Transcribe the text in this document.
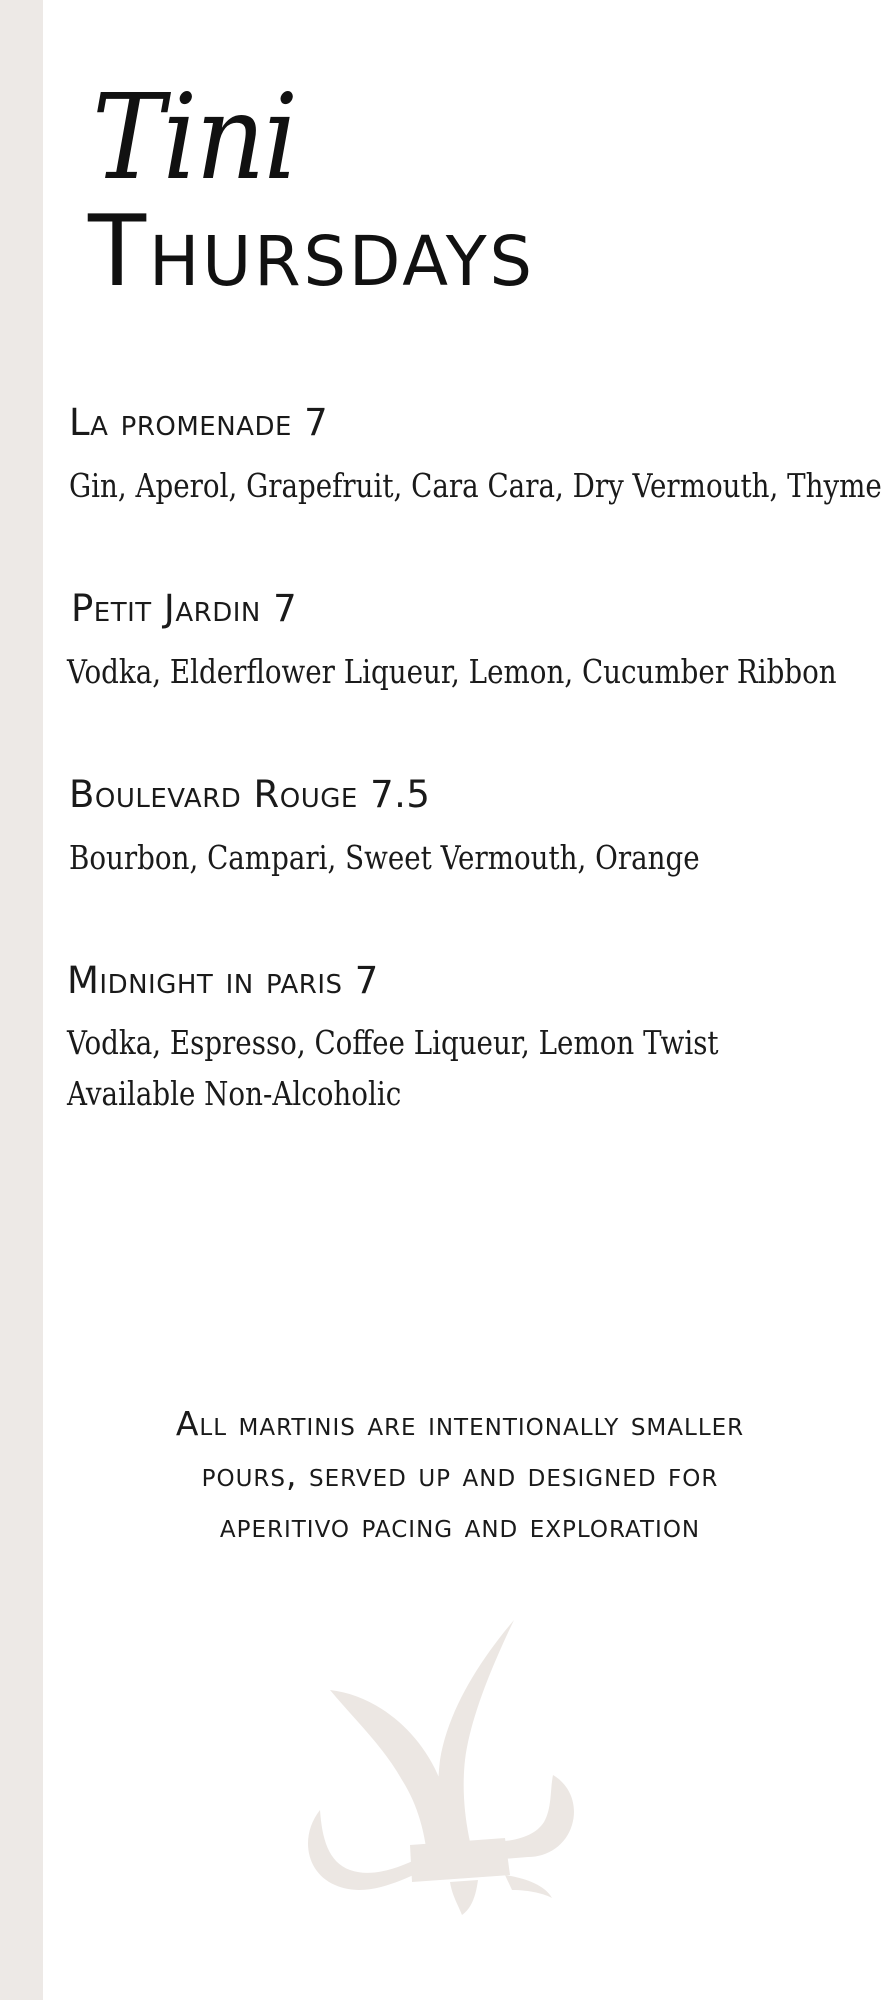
Tini
Thursdays
La promenade 7
Gin, Aperol, Grapefruit, Cara Cara, Dry Vermouth, Thyme
Petit Jardin 7
Vodka, Elderflower Liqueur, Lemon, Cucumber Ribbon
Boulevard Rouge 7.5
Bourbon, Campari, Sweet Vermouth, Orange
Midnight in paris 7
Vodka, Espresso, Coffee Liqueur, Lemon Twist
Available Non-Alcoholic
All martinis are intentionally smaller
pours, served up and designed for
aperitivo pacing and exploration
